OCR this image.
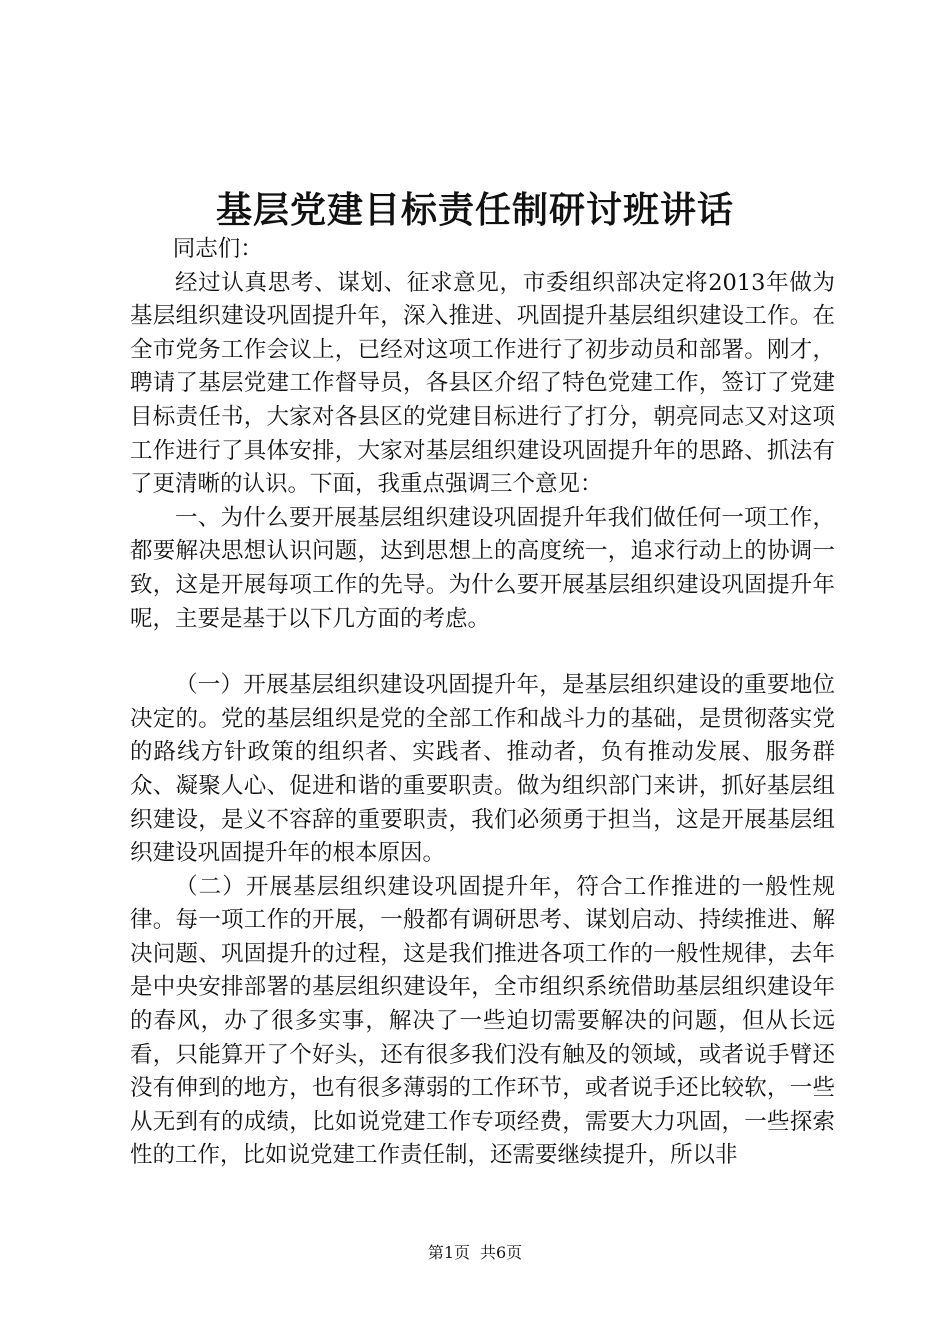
基层党建目标责任制研讨班讲话

同志们：

经过认真思考、谋划、征求意见，市委组织部决定将2013年做为基层组织建设巩固提升年，深入推进、巩固提升基层组织建设工作。在全市党务工作会议上，已经对这项工作进行了初步动员和部署。刚才，聘请了基层党建工作督导员，各县区介绍了特色党建工作，签订了党建目标责任书，大家对各县区的党建目标进行了打分，朝亮同志又对这项工作进行了具体安排，大家对基层组织建设巩固提升年的思路、抓法有了更清晰的认识。下面，我重点强调三个意见：

一、为什么要开展基层组织建设巩固提升年我们做任何一项工作，都要解决思想认识问题，达到思想上的高度统一，追求行动上的协调一致，这是开展每项工作的先导。为什么要开展基层组织建设巩固提升年呢，主要是基于以下几方面的考虑。

（一）开展基层组织建设巩固提升年，是基层组织建设的重要地位决定的。党的基层组织是党的全部工作和战斗力的基础，是贯彻落实党的路线方针政策的组织者、实践者、推动者，负有推动发展、服务群众、凝聚人心、促进和谐的重要职责。做为组织部门来讲，抓好基层组织建设，是义不容辞的重要职责，我们必须勇于担当，这是开展基层组织建设巩固提升年的根本原因。

（二）开展基层组织建设巩固提升年，符合工作推进的一般性规律。每一项工作的开展，一般都有调研思考、谋划启动、持续推进、解决问题、巩固提升的过程，这是我们推进各项工作的一般性规律，去年是中央安排部署的基层组织建设年，全市组织系统借助基层组织建设年的春风，办了很多实事，解决了一些迫切需要解决的问题，但从长远看，只能算开了个好头，还有很多我们没有触及的领域，或者说手臂还没有伸到的地方，也有很多薄弱的工作环节，或者说手还比较软，一些从无到有的成绩，比如说党建工作专项经费，需要大力巩固，一些探索性的工作，比如说党建工作责任制，还需要继续提升，所以非

第1页 共6页
